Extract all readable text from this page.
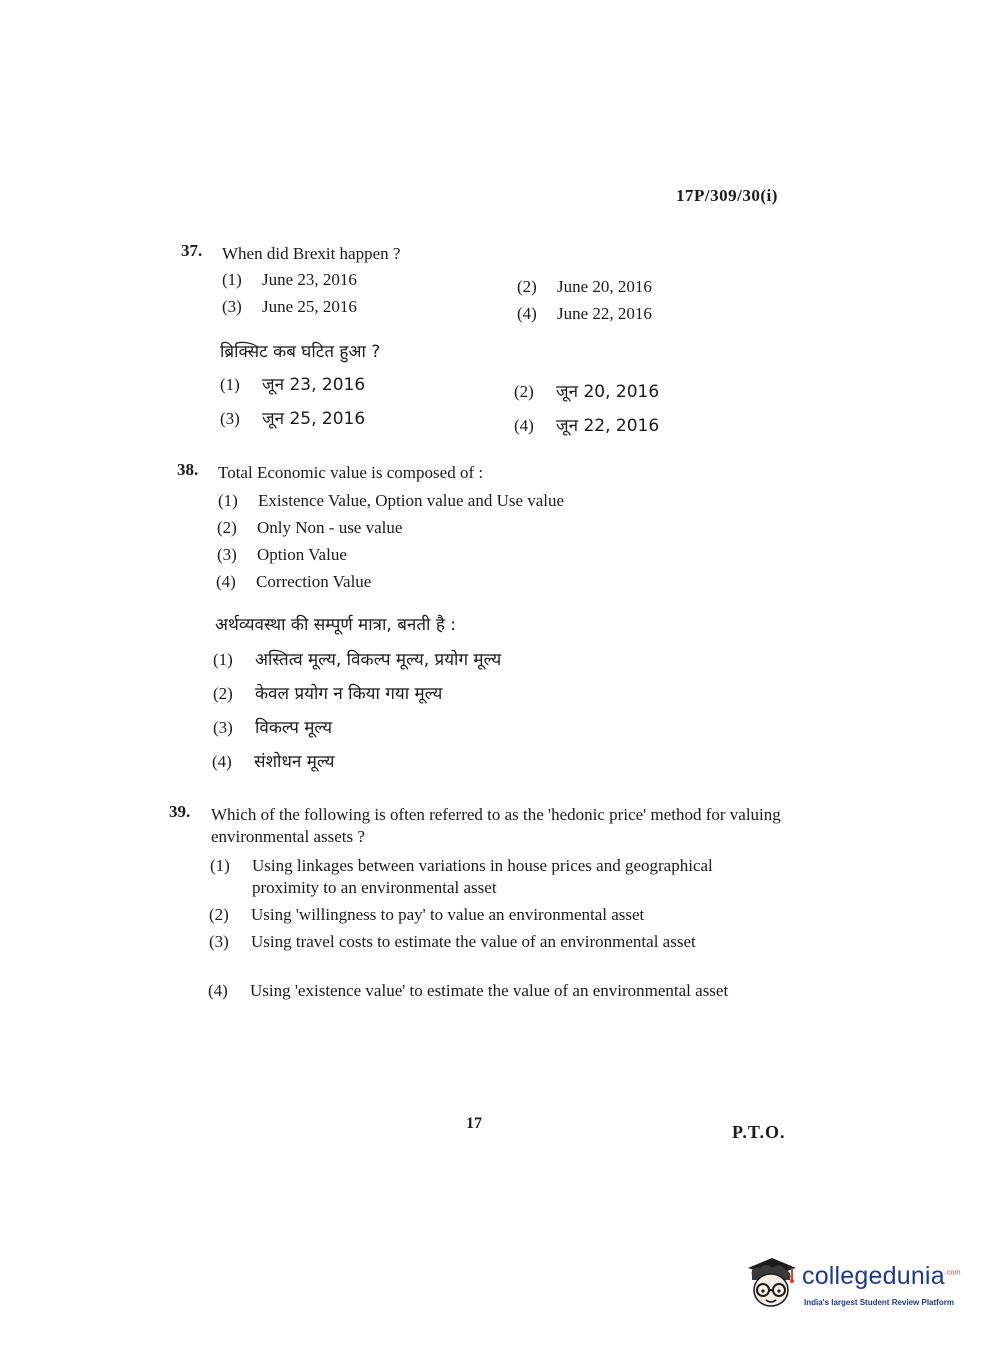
17P/309/30(i)
37. When did Brexit happen ?
(1) June 23, 2016	(2) June 20, 2016
(3) June 25, 2016	(4) June 22, 2016
ब्रिक्सिट कब घटित हुआ ?
(1) जून 23, 2016	(2) जून 20, 2016
(3) जून 25, 2016	(4) जून 22, 2016
38. Total Economic value is composed of :
(1) Existence Value, Option value and Use value
(2) Only Non - use value
(3) Option Value
(4) Correction Value
अर्थव्यवस्था की सम्पूर्ण मात्रा, बनती है :
(1) अस्तित्व मूल्य, विकल्प मूल्य, प्रयोग मूल्य
(2) केवल प्रयोग न किया गया मूल्य
(3) विकल्प मूल्य
(4) संशोधन मूल्य
39. Which of the following is often referred to as the 'hedonic price' method for valuing environmental assets ?
(1)	Using linkages between variations in house prices and geographical proximity to an environmental asset
(2)	Using 'willingness to pay' to value an environmental asset
(3)	Using travel costs to estimate the value of an environmental asset
(4)	Using 'existence value' to estimate the value of an environmental asset
17	P.T.O.
collegedunia$^{.com}$
India's largest Student Review Platform
